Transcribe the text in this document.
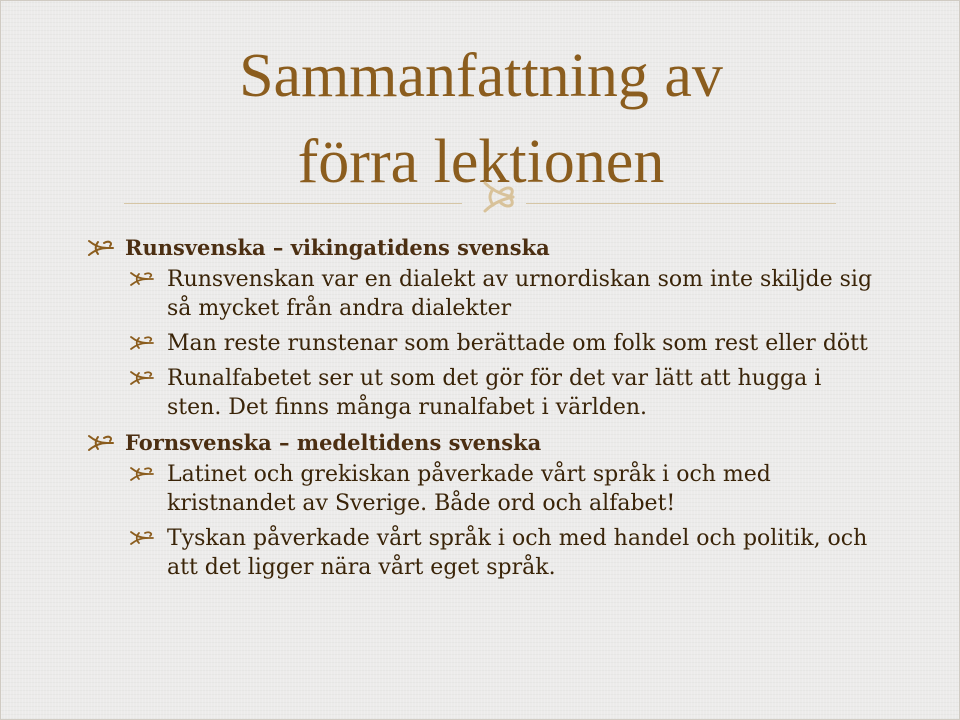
Sammanfattning av
förra lektionen
Runsvenska – vikingatidens svenska
Runsvenskan var en dialekt av urnordiskan som inte skiljde sig så mycket från andra dialekter
Man reste runstenar som berättade om folk som rest eller dött
Runalfabetet ser ut som det gör för det var lätt att hugga i sten. Det finns många runalfabet i världen.
Fornsvenska – medeltidens svenska
Latinet och grekiskan påverkade vårt språk i och med kristnandet av Sverige. Både ord och alfabet!
Tyskan påverkade vårt språk i och med handel och politik, och att det ligger nära vårt eget språk.
